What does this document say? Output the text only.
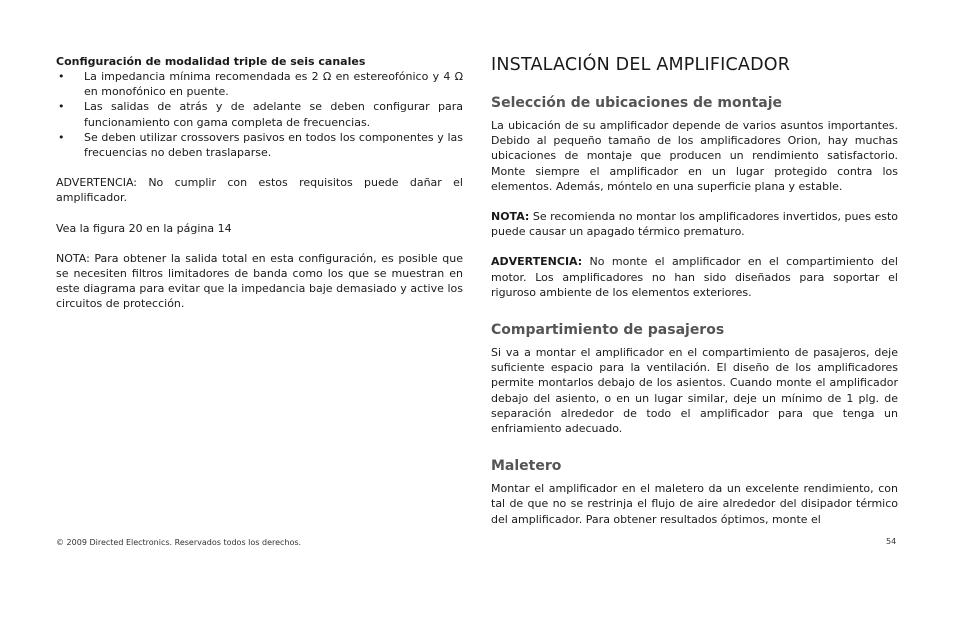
Configuración de modalidad triple de seis canales

• La impedancia mínima recomendada es 2 Ω en estereofónico y 4 Ω en monofónico en puente.
• Las salidas de atrás y de adelante se deben configurar para funcionamiento con gama completa de frecuencias.
• Se deben utilizar crossovers pasivos en todos los componentes y las frecuencias no deben traslaparse.

ADVERTENCIA: No cumplir con estos requisitos puede dañar el amplificador.

Vea la figura 20 en la página 14

NOTA: Para obtener la salida total en esta configuración, es posible que se necesiten filtros limitadores de banda como los que se muestran en este diagrama para evitar que la impedancia baje demasiado y active los circuitos de protección.

INSTALACIÓN DEL AMPLIFICADOR
Selección de ubicaciones de montaje

La ubicación de su amplificador depende de varios asuntos importantes. Debido al pequeño tamaño de los amplificadores Orion, hay muchas ubicaciones de montaje que producen un rendimiento satisfactorio. Monte siempre el amplificador en un lugar protegido contra los elementos. Además, móntelo en una superficie plana y estable.

NOTA: Se recomienda no montar los amplificadores invertidos, pues esto puede causar un apagado térmico prematuro.

ADVERTENCIA: No monte el amplificador en el compartimiento del motor. Los amplificadores no han sido diseñados para soportar el riguroso ambiente de los elementos exteriores.

Compartimiento de pasajeros

Si va a montar el amplificador en el compartimiento de pasajeros, deje suficiente espacio para la ventilación. El diseño de los amplificadores permite montarlos debajo de los asientos. Cuando monte el amplificador debajo del asiento, o en un lugar similar, deje un mínimo de 1 plg. de separación alrededor de todo el amplificador para que tenga un enfriamiento adecuado.

Maletero

Montar el amplificador en el maletero da un excelente rendimiento, con tal de que no se restrinja el flujo de aire alrededor del disipador térmico del amplificador. Para obtener resultados óptimos, monte el

© 2009 Directed Electronics. Reservados todos los derechos.	54
